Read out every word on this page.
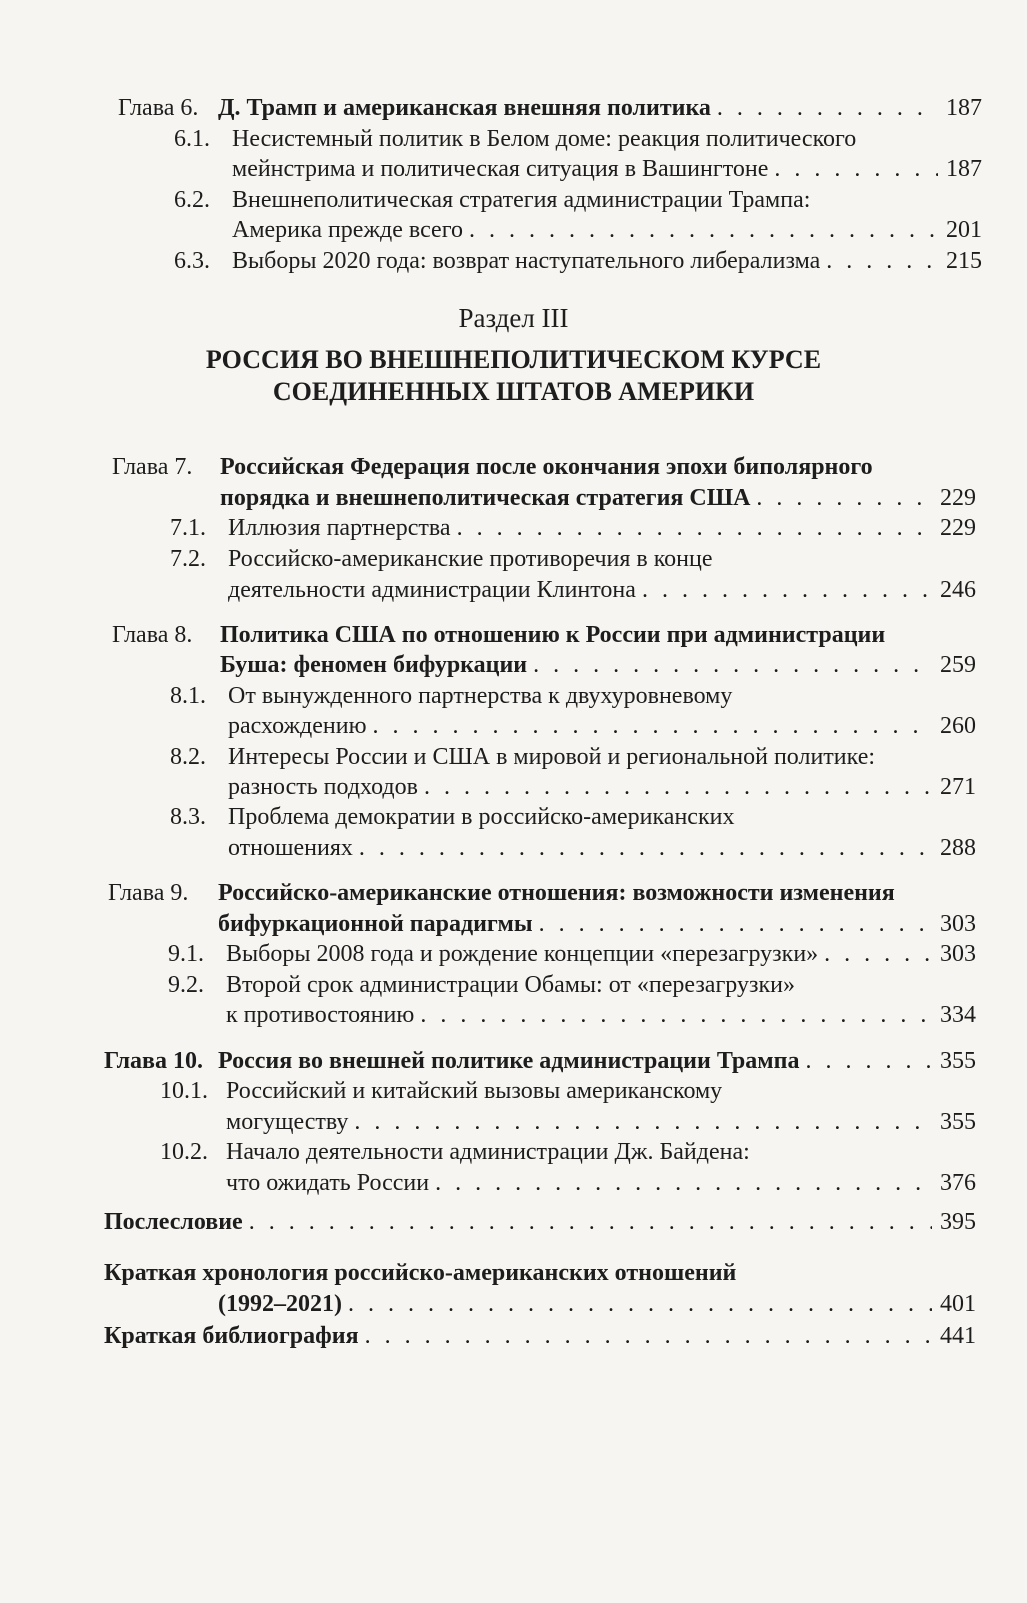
Глава 6. Д. Трамп и американская внешняя политика . . .	187
6.1. Несистемный политик в Белом доме: реакция политического
мейнстрима и политическая ситуация в Вашингтоне . . .	187
6.2. Внешнеполитическая стратегия администрации Трампа:
Америка прежде всего . . .	201
6.3. Выборы 2020 года: возврат наступательного либерализма . . .	215
Раздел III
РОССИЯ ВО ВНЕШНЕПОЛИТИЧЕСКОМ КУРСЕ
СОЕДИНЕННЫХ ШТАТОВ АМЕРИКИ
Глава 7. Российская Федерация после окончания эпохи биполярного
порядка и внешнеполитическая стратегия США . . .	229
7.1. Иллюзия партнерства . . .	229
7.2. Российско-американские противоречия в конце
деятельности администрации Клинтона . . .	246
Глава 8. Политика США по отношению к России при администрации
Буша: феномен бифуркации . . .	259
8.1. От вынужденного партнерства к двухуровневому
расхождению . . .	260
8.2. Интересы России и США в мировой и региональной политике:
разность подходов . . .	271
8.3. Проблема демократии в российско-американских
отношениях . . .	288
Глава 9. Российско-американские отношения: возможности изменения
бифуркационной парадигмы . . .	303
9.1. Выборы 2008 года и рождение концепции «перезагрузки» . . .	303
9.2. Второй срок администрации Обамы: от «перезагрузки»
к противостоянию . . .	334
Глава 10. Россия во внешней политике администрации Трампа . . .	355
10.1. Российский и китайский вызовы американскому
могуществу . . .	355
10.2. Начало деятельности администрации Дж. Байдена:
что ожидать России . . .	376
Послесловие . . .	395
Краткая хронология российско-американских отношений
(1992–2021) . . .	401
Краткая библиография . . .	441
